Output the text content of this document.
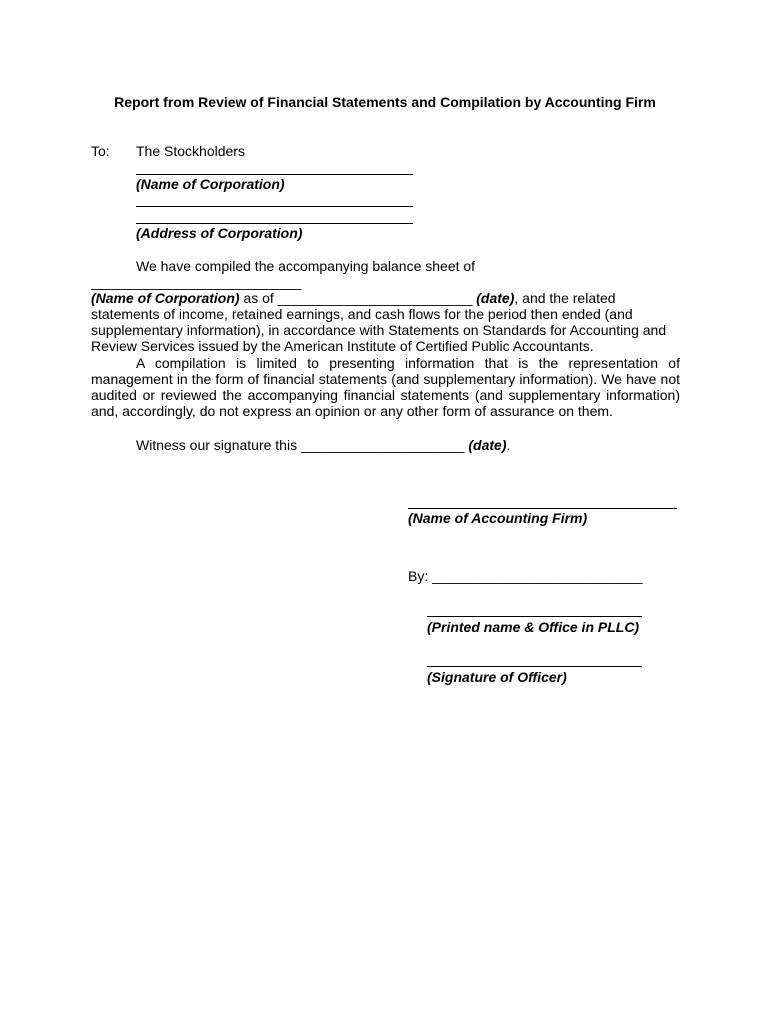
Report from Review of Financial Statements and Compilation by Accounting Firm
To: The Stockholders
(Name of Corporation)
(Address of Corporation)
We have compiled the accompanying balance sheet of ___________________________
(Name of Corporation) as of _________________________ (date), and the related statements of income, retained earnings, and cash flows for the period then ended (and supplementary information), in accordance with Statements on Standards for Accounting and Review Services issued by the American Institute of Certified Public Accountants.
A compilation is limited to presenting information that is the representation of management in the form of financial statements (and supplementary information). We have not audited or reviewed the accompanying financial statements (and supplementary information) and, accordingly, do not express an opinion or any other form of assurance on them.
Witness our signature this _____________________ (date).
(Name of Accounting Firm)
By: ___________________________
(Printed name & Office in PLLC)
(Signature of Officer)
